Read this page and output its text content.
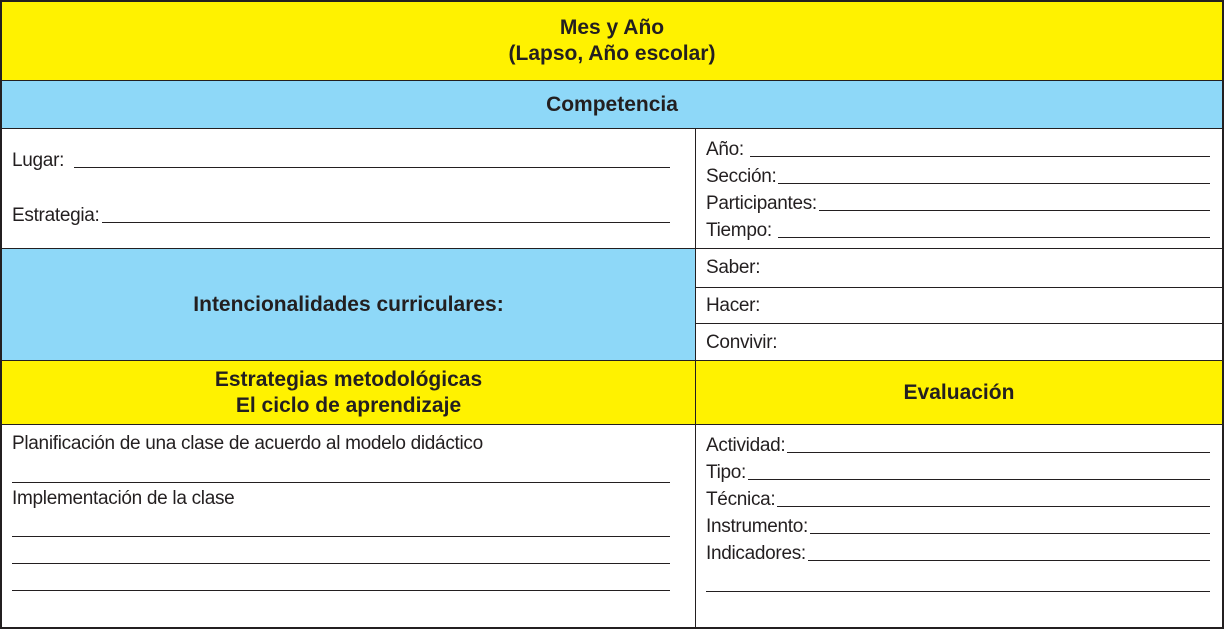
Mes y Año
(Lapso, Año escolar)
Competencia
Lugar:
Estrategia:
Año:
Sección:
Participantes:
Tiempo:
Intencionalidades curriculares:
Saber:
Hacer:
Convivir:
Estrategias metodológicas
El ciclo de aprendizaje
Evaluación
Planificación de una clase de acuerdo al modelo didáctico
Implementación de la clase
Actividad:
Tipo:
Técnica:
Instrumento:
Indicadores:
